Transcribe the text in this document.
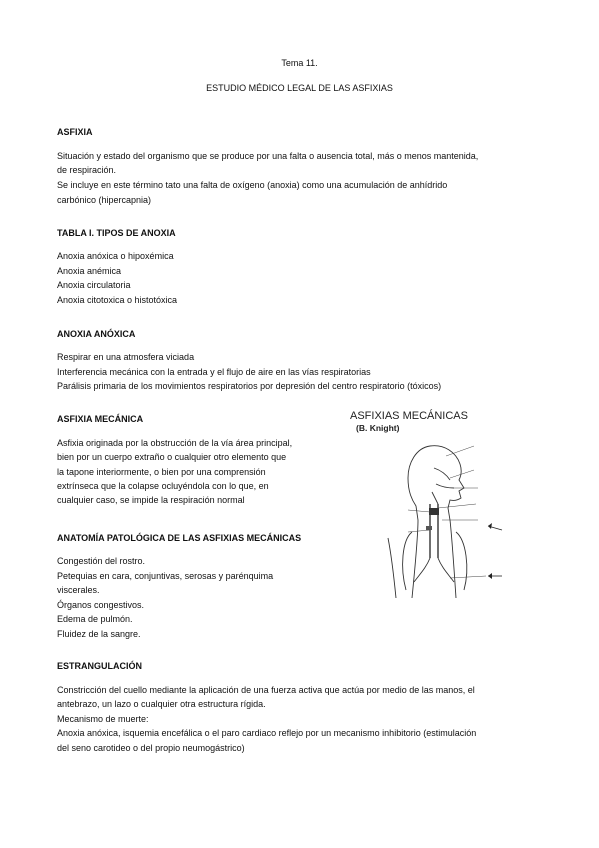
Tema 11.
ESTUDIO MÉDICO LEGAL DE LAS ASFIXIAS
ASFIXIA
Situación y estado del organismo que se produce por una falta o ausencia total, más o menos mantenida,
de respiración.
Se incluye en este término tato una falta de oxígeno (anoxia) como una acumulación de anhídrido
carbónico (hipercapnia)
TABLA I. TIPOS DE ANOXIA
Anoxia anóxica o hipoxémica
Anoxia anémica
Anoxia circulatoria
Anoxia citotoxica o histotóxica
ANOXIA ANÓXICA
Respirar en una atmosfera viciada
Interferencia mecánica con la entrada y el flujo de aire en las vías respiratorias
Parálisis primaria de los movimientos respiratorios por depresión del centro respiratorio (tóxicos)
ASFIXIA MECÁNICA
Asfixia originada por la obstrucción de la vía área principal,
bien por un cuerpo extraño o cualquier otro elemento que
la tapone interiormente, o bien por una comprensión
extrínseca que la colapse ocluyéndola con lo que, en
cualquier caso, se impide la respiración normal
ANATOMÍA PATOLÓGICA DE LAS ASFIXIAS MECÁNICAS
Congestión del rostro.
Petequias en cara, conjuntivas, serosas y parénquima
viscerales.
Órganos congestivos.
Edema de pulmón.
Fluidez de la sangre.
ASFIXIAS MECÁNICAS
(B. Knight)
ESTRANGULACIÓN
Constricción del cuello mediante la aplicación de una fuerza activa que actúa por medio de las manos, el
antebrazo, un lazo o cualquier otra estructura rígida.
Mecanismo de muerte:
Anoxia anóxica, isquemia encefálica o el paro cardiaco reflejo por un mecanismo inhibitorio (estimulación
del seno carotideo o del propio neumogástrico)
